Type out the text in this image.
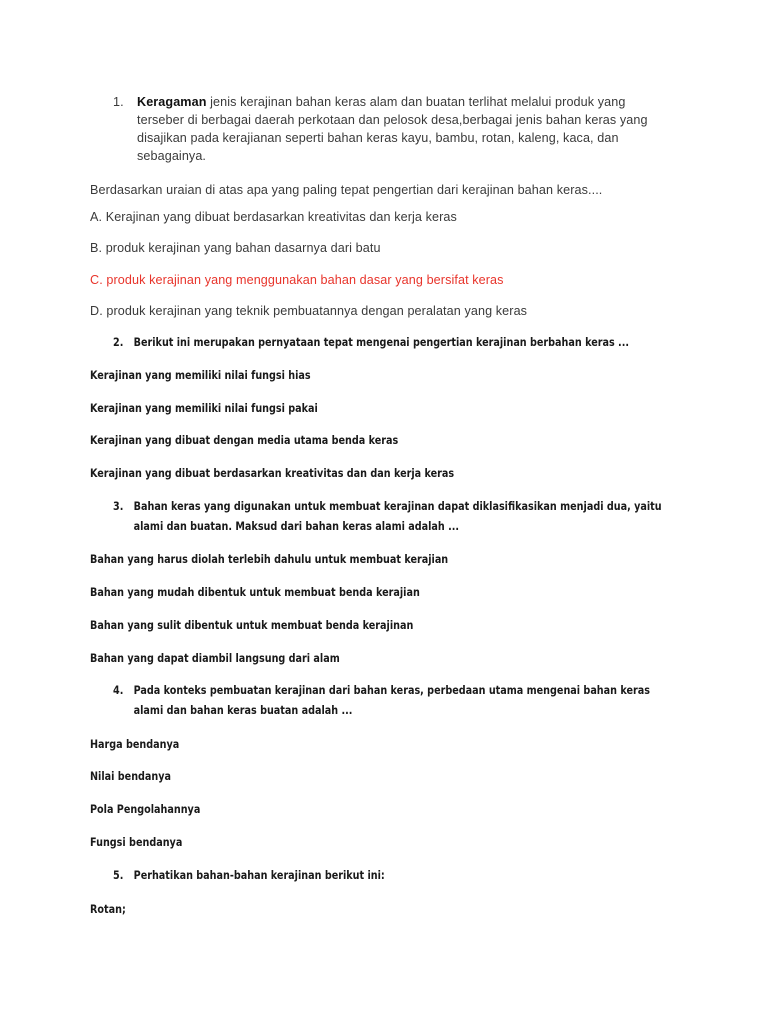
1. Keragaman jenis kerajinan bahan keras alam dan buatan terlihat melalui produk yang
terseber di berbagai daerah perkotaan dan pelosok desa,berbagai jenis bahan keras yang
disajikan pada kerajianan seperti bahan keras kayu, bambu, rotan, kaleng, kaca, dan
sebagainya.
Berdasarkan uraian di atas apa yang paling tepat pengertian dari kerajinan bahan keras....
A. Kerajinan yang dibuat berdasarkan kreativitas dan kerja keras
B. produk kerajinan yang bahan dasarnya dari batu
C. produk kerajinan yang menggunakan bahan dasar yang bersifat keras
D. produk kerajinan yang teknik pembuatannya dengan peralatan yang keras
2. Berikut ini merupakan pernyataan tepat mengenai pengertian kerajinan berbahan keras ...
Kerajinan yang memiliki nilai fungsi hias
Kerajinan yang memiliki nilai fungsi pakai
Kerajinan yang dibuat dengan media utama benda keras
Kerajinan yang dibuat berdasarkan kreativitas dan dan kerja keras
3. Bahan keras yang digunakan untuk membuat kerajinan dapat diklasifikasikan menjadi dua, yaitu
alami dan buatan. Maksud dari bahan keras alami adalah ...
Bahan yang harus diolah terlebih dahulu untuk membuat kerajian
Bahan yang mudah dibentuk untuk membuat benda kerajian
Bahan yang sulit dibentuk untuk membuat benda kerajinan
Bahan yang dapat diambil langsung dari alam
4. Pada konteks pembuatan kerajinan dari bahan keras, perbedaan utama mengenai bahan keras
alami dan bahan keras buatan adalah ...
Harga bendanya
Nilai bendanya
Pola Pengolahannya
Fungsi bendanya
5. Perhatikan bahan-bahan kerajinan berikut ini:
Rotan;
